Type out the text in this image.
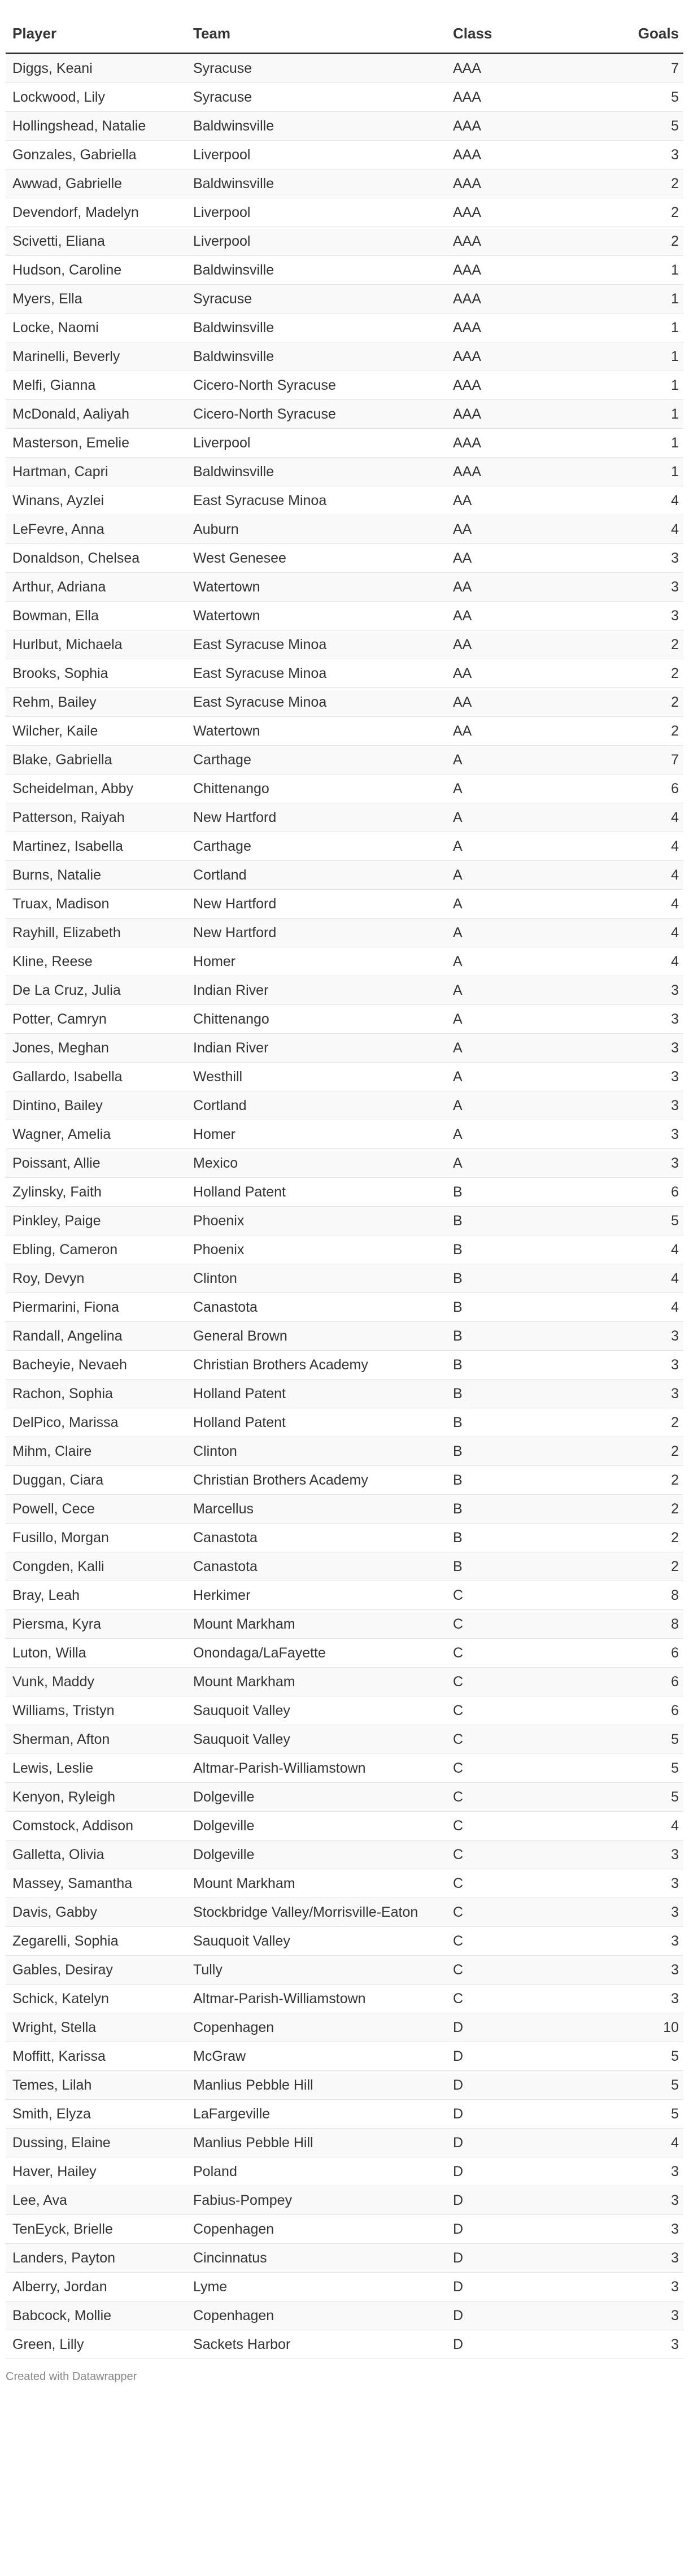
Player	Team	Class	Goals
Diggs, Keani	Syracuse	AAA	7
Lockwood, Lily	Syracuse	AAA	5
Hollingshead, Natalie	Baldwinsville	AAA	5
Gonzales, Gabriella	Liverpool	AAA	3
Awwad, Gabrielle	Baldwinsville	AAA	2
Devendorf, Madelyn	Liverpool	AAA	2
Scivetti, Eliana	Liverpool	AAA	2
Hudson, Caroline	Baldwinsville	AAA	1
Myers, Ella	Syracuse	AAA	1
Locke, Naomi	Baldwinsville	AAA	1
Marinelli, Beverly	Baldwinsville	AAA	1
Melfi, Gianna	Cicero-North Syracuse	AAA	1
McDonald, Aaliyah	Cicero-North Syracuse	AAA	1
Masterson, Emelie	Liverpool	AAA	1
Hartman, Capri	Baldwinsville	AAA	1
Winans, Ayzlei	East Syracuse Minoa	AA	4
LeFevre, Anna	Auburn	AA	4
Donaldson, Chelsea	West Genesee	AA	3
Arthur, Adriana	Watertown	AA	3
Bowman, Ella	Watertown	AA	3
Hurlbut, Michaela	East Syracuse Minoa	AA	2
Brooks, Sophia	East Syracuse Minoa	AA	2
Rehm, Bailey	East Syracuse Minoa	AA	2
Wilcher, Kaile	Watertown	AA	2
Blake, Gabriella	Carthage	A	7
Scheidelman, Abby	Chittenango	A	6
Patterson, Raiyah	New Hartford	A	4
Martinez, Isabella	Carthage	A	4
Burns, Natalie	Cortland	A	4
Truax, Madison	New Hartford	A	4
Rayhill, Elizabeth	New Hartford	A	4
Kline, Reese	Homer	A	4
De La Cruz, Julia	Indian River	A	3
Potter, Camryn	Chittenango	A	3
Jones, Meghan	Indian River	A	3
Gallardo, Isabella	Westhill	A	3
Dintino, Bailey	Cortland	A	3
Wagner, Amelia	Homer	A	3
Poissant, Allie	Mexico	A	3
Zylinsky, Faith	Holland Patent	B	6
Pinkley, Paige	Phoenix	B	5
Ebling, Cameron	Phoenix	B	4
Roy, Devyn	Clinton	B	4
Piermarini, Fiona	Canastota	B	4
Randall, Angelina	General Brown	B	3
Bacheyie, Nevaeh	Christian Brothers Academy	B	3
Rachon, Sophia	Holland Patent	B	3
DelPico, Marissa	Holland Patent	B	2
Mihm, Claire	Clinton	B	2
Duggan, Ciara	Christian Brothers Academy	B	2
Powell, Cece	Marcellus	B	2
Fusillo, Morgan	Canastota	B	2
Congden, Kalli	Canastota	B	2
Bray, Leah	Herkimer	C	8
Piersma, Kyra	Mount Markham	C	8
Luton, Willa	Onondaga/LaFayette	C	6
Vunk, Maddy	Mount Markham	C	6
Williams, Tristyn	Sauquoit Valley	C	6
Sherman, Afton	Sauquoit Valley	C	5
Lewis, Leslie	Altmar-Parish-Williamstown	C	5
Kenyon, Ryleigh	Dolgeville	C	5
Comstock, Addison	Dolgeville	C	4
Galletta, Olivia	Dolgeville	C	3
Massey, Samantha	Mount Markham	C	3
Davis, Gabby	Stockbridge Valley/Morrisville-Eaton	C	3
Zegarelli, Sophia	Sauquoit Valley	C	3
Gables, Desiray	Tully	C	3
Schick, Katelyn	Altmar-Parish-Williamstown	C	3
Wright, Stella	Copenhagen	D	10
Moffitt, Karissa	McGraw	D	5
Temes, Lilah	Manlius Pebble Hill	D	5
Smith, Elyza	LaFargeville	D	5
Dussing, Elaine	Manlius Pebble Hill	D	4
Haver, Hailey	Poland	D	3
Lee, Ava	Fabius-Pompey	D	3
TenEyck, Brielle	Copenhagen	D	3
Landers, Payton	Cincinnatus	D	3
Alberry, Jordan	Lyme	D	3
Babcock, Mollie	Copenhagen	D	3
Green, Lilly	Sackets Harbor	D	3
Created with Datawrapper
